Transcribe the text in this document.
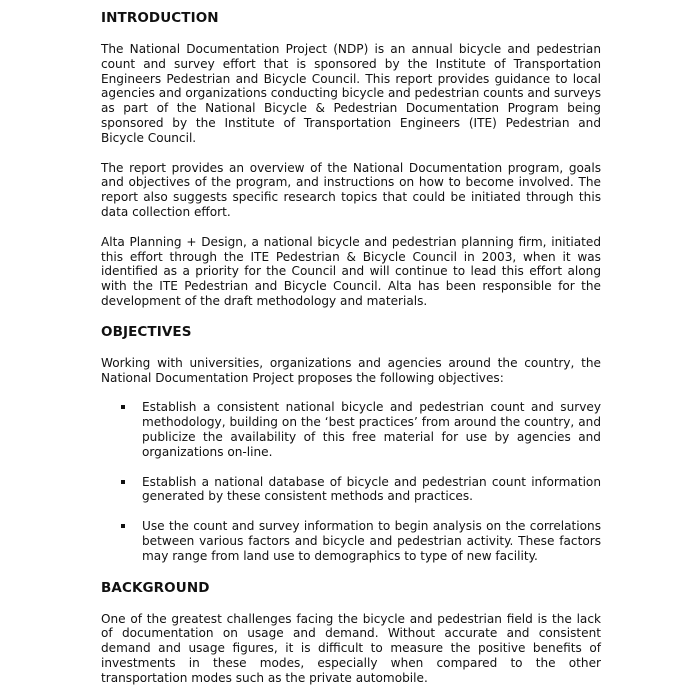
INTRODUCTION

The National Documentation Project (NDP) is an annual bicycle and pedestrian count and survey effort that is sponsored by the Institute of Transportation Engineers Pedestrian and Bicycle Council. This report provides guidance to local agencies and organizations conducting bicycle and pedestrian counts and surveys as part of the National Bicycle & Pedestrian Documentation Program being sponsored by the Institute of Transportation Engineers (ITE) Pedestrian and Bicycle Council.

The report provides an overview of the National Documentation program, goals and objectives of the program, and instructions on how to become involved. The report also suggests specific research topics that could be initiated through this data collection effort.

Alta Planning + Design, a national bicycle and pedestrian planning firm, initiated this effort through the ITE Pedestrian & Bicycle Council in 2003, when it was identified as a priority for the Council and will continue to lead this effort along with the ITE Pedestrian and Bicycle Council. Alta has been responsible for the development of the draft methodology and materials.

OBJECTIVES

Working with universities, organizations and agencies around the country, the National Documentation Project proposes the following objectives:

Establish a consistent national bicycle and pedestrian count and survey methodology, building on the ‘best practices’ from around the country, and publicize the availability of this free material for use by agencies and organizations on-line.
Establish a national database of bicycle and pedestrian count information generated by these consistent methods and practices.
Use the count and survey information to begin analysis on the correlations between various factors and bicycle and pedestrian activity. These factors may range from land use to demographics to type of new facility.
BACKGROUND

One of the greatest challenges facing the bicycle and pedestrian field is the lack of documentation on usage and demand. Without accurate and consistent demand and usage figures, it is difficult to measure the positive benefits of investments in these modes, especially when compared to the other transportation modes such as the private automobile.
